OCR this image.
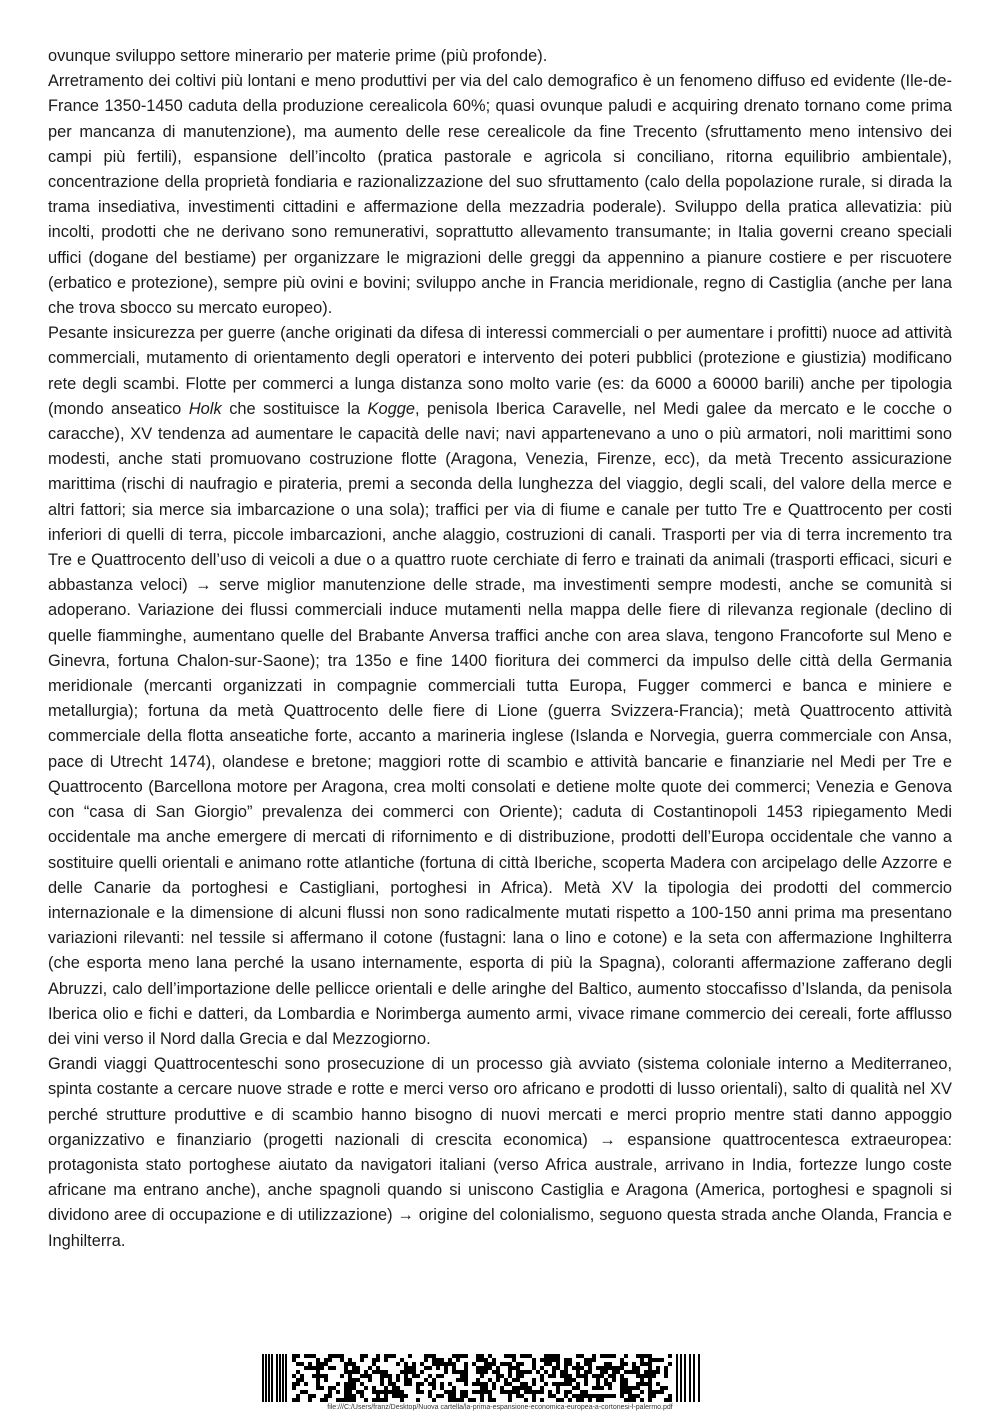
ovunque sviluppo settore minerario per materie prime (più profonde).

Arretramento dei coltivi più lontani e meno produttivi per via del calo demografico è un fenomeno diffuso ed evidente (Ile-de-France 1350-1450 caduta della produzione cerealicola 60%; quasi ovunque paludi e acquiring drenato tornano come prima per mancanza di manutenzione), ma aumento delle rese cerealicole da fine Trecento (sfruttamento meno intensivo dei campi più fertili), espansione dell’incolto (pratica pastorale e agricola si conciliano, ritorna equilibrio ambientale), concentrazione della proprietà fondiaria e razionalizzazione del suo sfruttamento (calo della popolazione rurale, si dirada la trama insediativa, investimenti cittadini e affermazione della mezzadria poderale). Sviluppo della pratica allevatizia: più incolti, prodotti che ne derivano sono remunerativi, soprattutto allevamento transumante; in Italia governi creano speciali uffici (dogane del bestiame) per organizzare le migrazioni delle greggi da appennino a pianure costiere e per riscuotere (erbatico e protezione), sempre più ovini e bovini; sviluppo anche in Francia meridionale, regno di Castiglia (anche per lana che trova sbocco su mercato europeo).

Pesante insicurezza per guerre (anche originati da difesa di interessi commerciali o per aumentare i profitti) nuoce ad attività commerciali, mutamento di orientamento degli operatori e intervento dei poteri pubblici (protezione e giustizia) modificano rete degli scambi. Flotte per commerci a lunga distanza sono molto varie (es: da 6000 a 60000 barili) anche per tipologia (mondo anseatico Holk che sostituisce la Kogge, penisola Iberica Caravelle, nel Medi galee da mercato e le cocche o caracche), XV tendenza ad aumentare le capacità delle navi; navi appartenevano a uno o più armatori, noli marittimi sono modesti, anche stati promuovano costruzione flotte (Aragona, Venezia, Firenze, ecc), da metà Trecento assicurazione marittima (rischi di naufragio e pirateria, premi a seconda della lunghezza del viaggio, degli scali, del valore della merce e altri fattori; sia merce sia imbarcazione o una sola); traffici per via di fiume e canale per tutto Tre e Quattrocento per costi inferiori di quelli di terra, piccole imbarcazioni, anche alaggio, costruzioni di canali. Trasporti per via di terra incremento tra Tre e Quattrocento dell’uso di veicoli a due o a quattro ruote cerchiate di ferro e trainati da animali (trasporti efficaci, sicuri e abbastanza veloci) → serve miglior manutenzione delle strade, ma investimenti sempre modesti, anche se comunità si adoperano. Variazione dei flussi commerciali induce mutamenti nella mappa delle fiere di rilevanza regionale (declino di quelle fiamminghe, aumentano quelle del Brabante Anversa traffici anche con area slava, tengono Francoforte sul Meno e Ginevra, fortuna Chalon-sur-Saone); tra 135o e fine 1400 fioritura dei commerci da impulso delle città della Germania meridionale (mercanti organizzati in compagnie commerciali tutta Europa, Fugger commerci e banca e miniere e metallurgia); fortuna da metà Quattrocento delle fiere di Lione (guerra Svizzera-Francia); metà Quattrocento attività commerciale della flotta anseatiche forte, accanto a marineria inglese (Islanda e Norvegia, guerra commerciale con Ansa, pace di Utrecht 1474), olandese e bretone; maggiori rotte di scambio e attività bancarie e finanziarie nel Medi per Tre e Quattrocento (Barcellona motore per Aragona, crea molti consolati e detiene molte quote dei commerci; Venezia e Genova con “casa di San Giorgio” prevalenza dei commerci con Oriente); caduta di Costantinopoli 1453 ripiegamento Medi occidentale ma anche emergere di mercati di rifornimento e di distribuzione, prodotti dell’Europa occidentale che vanno a sostituire quelli orientali e animano rotte atlantiche (fortuna di città Iberiche, scoperta Madera con arcipelago delle Azzorre e delle Canarie da portoghesi e Castigliani, portoghesi in Africa). Metà XV la tipologia dei prodotti del commercio internazionale e la dimensione di alcuni flussi non sono radicalmente mutati rispetto a 100-150 anni prima ma presentano variazioni rilevanti: nel tessile si affermano il cotone (fustagni: lana o lino e cotone) e la seta con affermazione Inghilterra (che esporta meno lana perché la usano internamente, esporta di più la Spagna), coloranti affermazione zafferano degli Abruzzi, calo dell’importazione delle pellicce orientali e delle aringhe del Baltico, aumento stoccafisso d’Islanda, da penisola Iberica olio e fichi e datteri, da Lombardia e Norimberga aumento armi, vivace rimane commercio dei cereali, forte afflusso dei vini verso il Nord dalla Grecia e dal Mezzogiorno.

Grandi viaggi Quattrocenteschi sono prosecuzione di un processo già avviato (sistema coloniale interno a Mediterraneo, spinta costante a cercare nuove strade e rotte e merci verso oro africano e prodotti di lusso orientali), salto di qualità nel XV perché strutture produttive e di scambio hanno bisogno di nuovi mercati e merci proprio mentre stati danno appoggio organizzativo e finanziario (progetti nazionali di crescita economica) → espansione quattrocentesca extraeuropea: protagonista stato portoghese aiutato da navigatori italiani (verso Africa australe, arrivano in India, fortezze lungo coste africane ma entrano anche), anche spagnoli quando si uniscono Castiglia e Aragona (America, portoghesi e spagnoli si dividono aree di occupazione e di utilizzazione) → origine del colonialismo, seguono questa strada anche Olanda, Francia e Inghilterra.

file:///C:/Users/franz/Desktop/Nuova cartella/la-prima-espansione-economica-europea-a-cortonesi-l-palermo.pdf
